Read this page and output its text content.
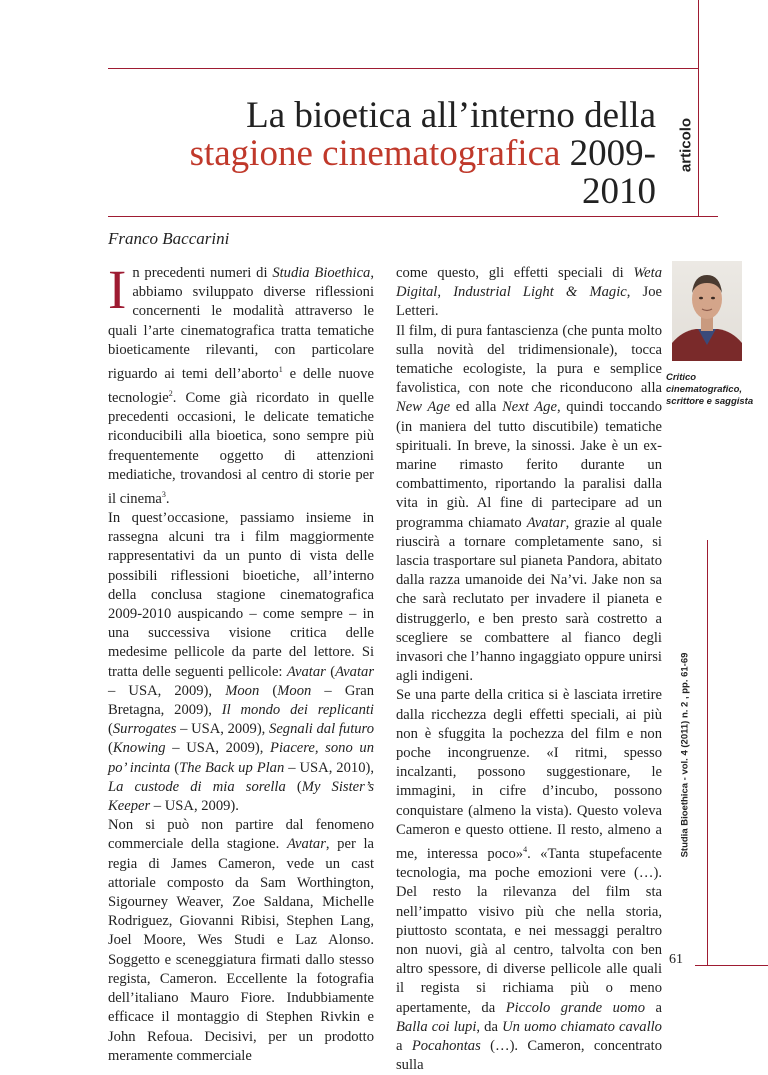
La bioetica all’interno della stagione cinematografica 2009-2010
articolo
Franco Baccarini

In precedenti numeri di Studia Bioethica, abbiamo sviluppato diverse riflessioni concernenti le modalità attraverso le quali l’arte cinematografica tratta tematiche bioeticamente rilevanti, con particolare riguardo ai temi dell’aborto$^1$ e delle nuove tecnologie$^2$. Come già ricordato in quelle precedenti occasioni, le delicate tematiche riconducibili alla bioetica, sono sempre più frequentemente oggetto di attenzioni mediatiche, trovandosi al centro di storie per il cinema$^3$.

In quest’occasione, passiamo insieme in rassegna alcuni tra i film maggiormente rappresentativi da un punto di vista delle possibili riflessioni bioetiche, all’interno della conclusa stagione cinematografica 2009-2010 auspicando – come sempre – in una successiva visione critica delle medesime pellicole da parte del lettore. Si tratta delle seguenti pellicole: Avatar (Avatar – USA, 2009), Moon (Moon – Gran Bretagna, 2009), Il mondo dei replicanti (Surrogates – USA, 2009), Segnali dal futuro (Knowing – USA, 2009), Piacere, sono un po’ incinta (The Back up Plan – USA, 2010), La custode di mia sorella (My Sister’s Keeper – USA, 2009).

Non si può non partire dal fenomeno commerciale della stagione. Avatar, per la regia di James Cameron, vede un cast attoriale composto da Sam Worthington, Sigourney Weaver, Zoe Saldana, Michelle Rodriguez, Giovanni Ribisi, Stephen Lang, Joel Moore, Wes Studi e Laz Alonso. Soggetto e sceneggiatura firmati dallo stesso regista, Cameron. Eccellente la fotografia dell’italiano Mauro Fiore. Indubbiamente efficace il montaggio di Stephen Rivkin e John Refoua. Decisivi, per un prodotto meramente commerciale

come questo, gli effetti speciali di Weta Digital, Industrial Light & Magic, Joe Letteri.

Il film, di pura fantascienza (che punta molto sulla novità del tridimensionale), tocca tematiche ecologiste, la pura e semplice favolistica, con note che riconducono alla New Age ed alla Next Age, quindi toccando (in maniera del tutto discutibile) tematiche spirituali. In breve, la sinossi. Jake è un ex-marine rimasto ferito durante un combattimento, riportando la paralisi dalla vita in giù. Al fine di partecipare ad un programma chiamato Avatar, grazie al quale riuscirà a tornare completamente sano, si lascia trasportare sul pianeta Pandora, abitato dalla razza umanoide dei Na’vi. Jake non sa che sarà reclutato per invadere il pianeta e distruggerlo, e ben presto sarà costretto a scegliere se combattere al fianco degli invasori che l’hanno ingaggiato oppure unirsi agli indigeni.

Se una parte della critica si è lasciata irretire dalla ricchezza degli effetti speciali, ai più non è sfuggita la pochezza del film e non poche incongruenze. «I ritmi, spesso incalzanti, possono suggestionare, le immagini, in cifre d’incubo, possono conquistare (almeno la vista). Questo voleva Cameron e questo ottiene. Il resto, almeno a me, interessa poco»$^4$. «Tanta stupefacente tecnologia, ma poche emozioni vere (…). Del resto la rilevanza del film sta nell’impatto visivo più che nella storia, piuttosto scontata, e nei messaggi peraltro non nuovi, già al centro, talvolta con ben altro spessore, di diverse pellicole alle quali il regista si richiama più o meno apertamente, da Piccolo grande uomo a Balla coi lupi, da Un uomo chiamato cavallo a Pocahontas (…). Cameron, concentrato sulla

Critico cinematografico, scrittore e saggista
Studia Bioethica - vol. 4 (2011) n. 2 , pp. 61-69
61
